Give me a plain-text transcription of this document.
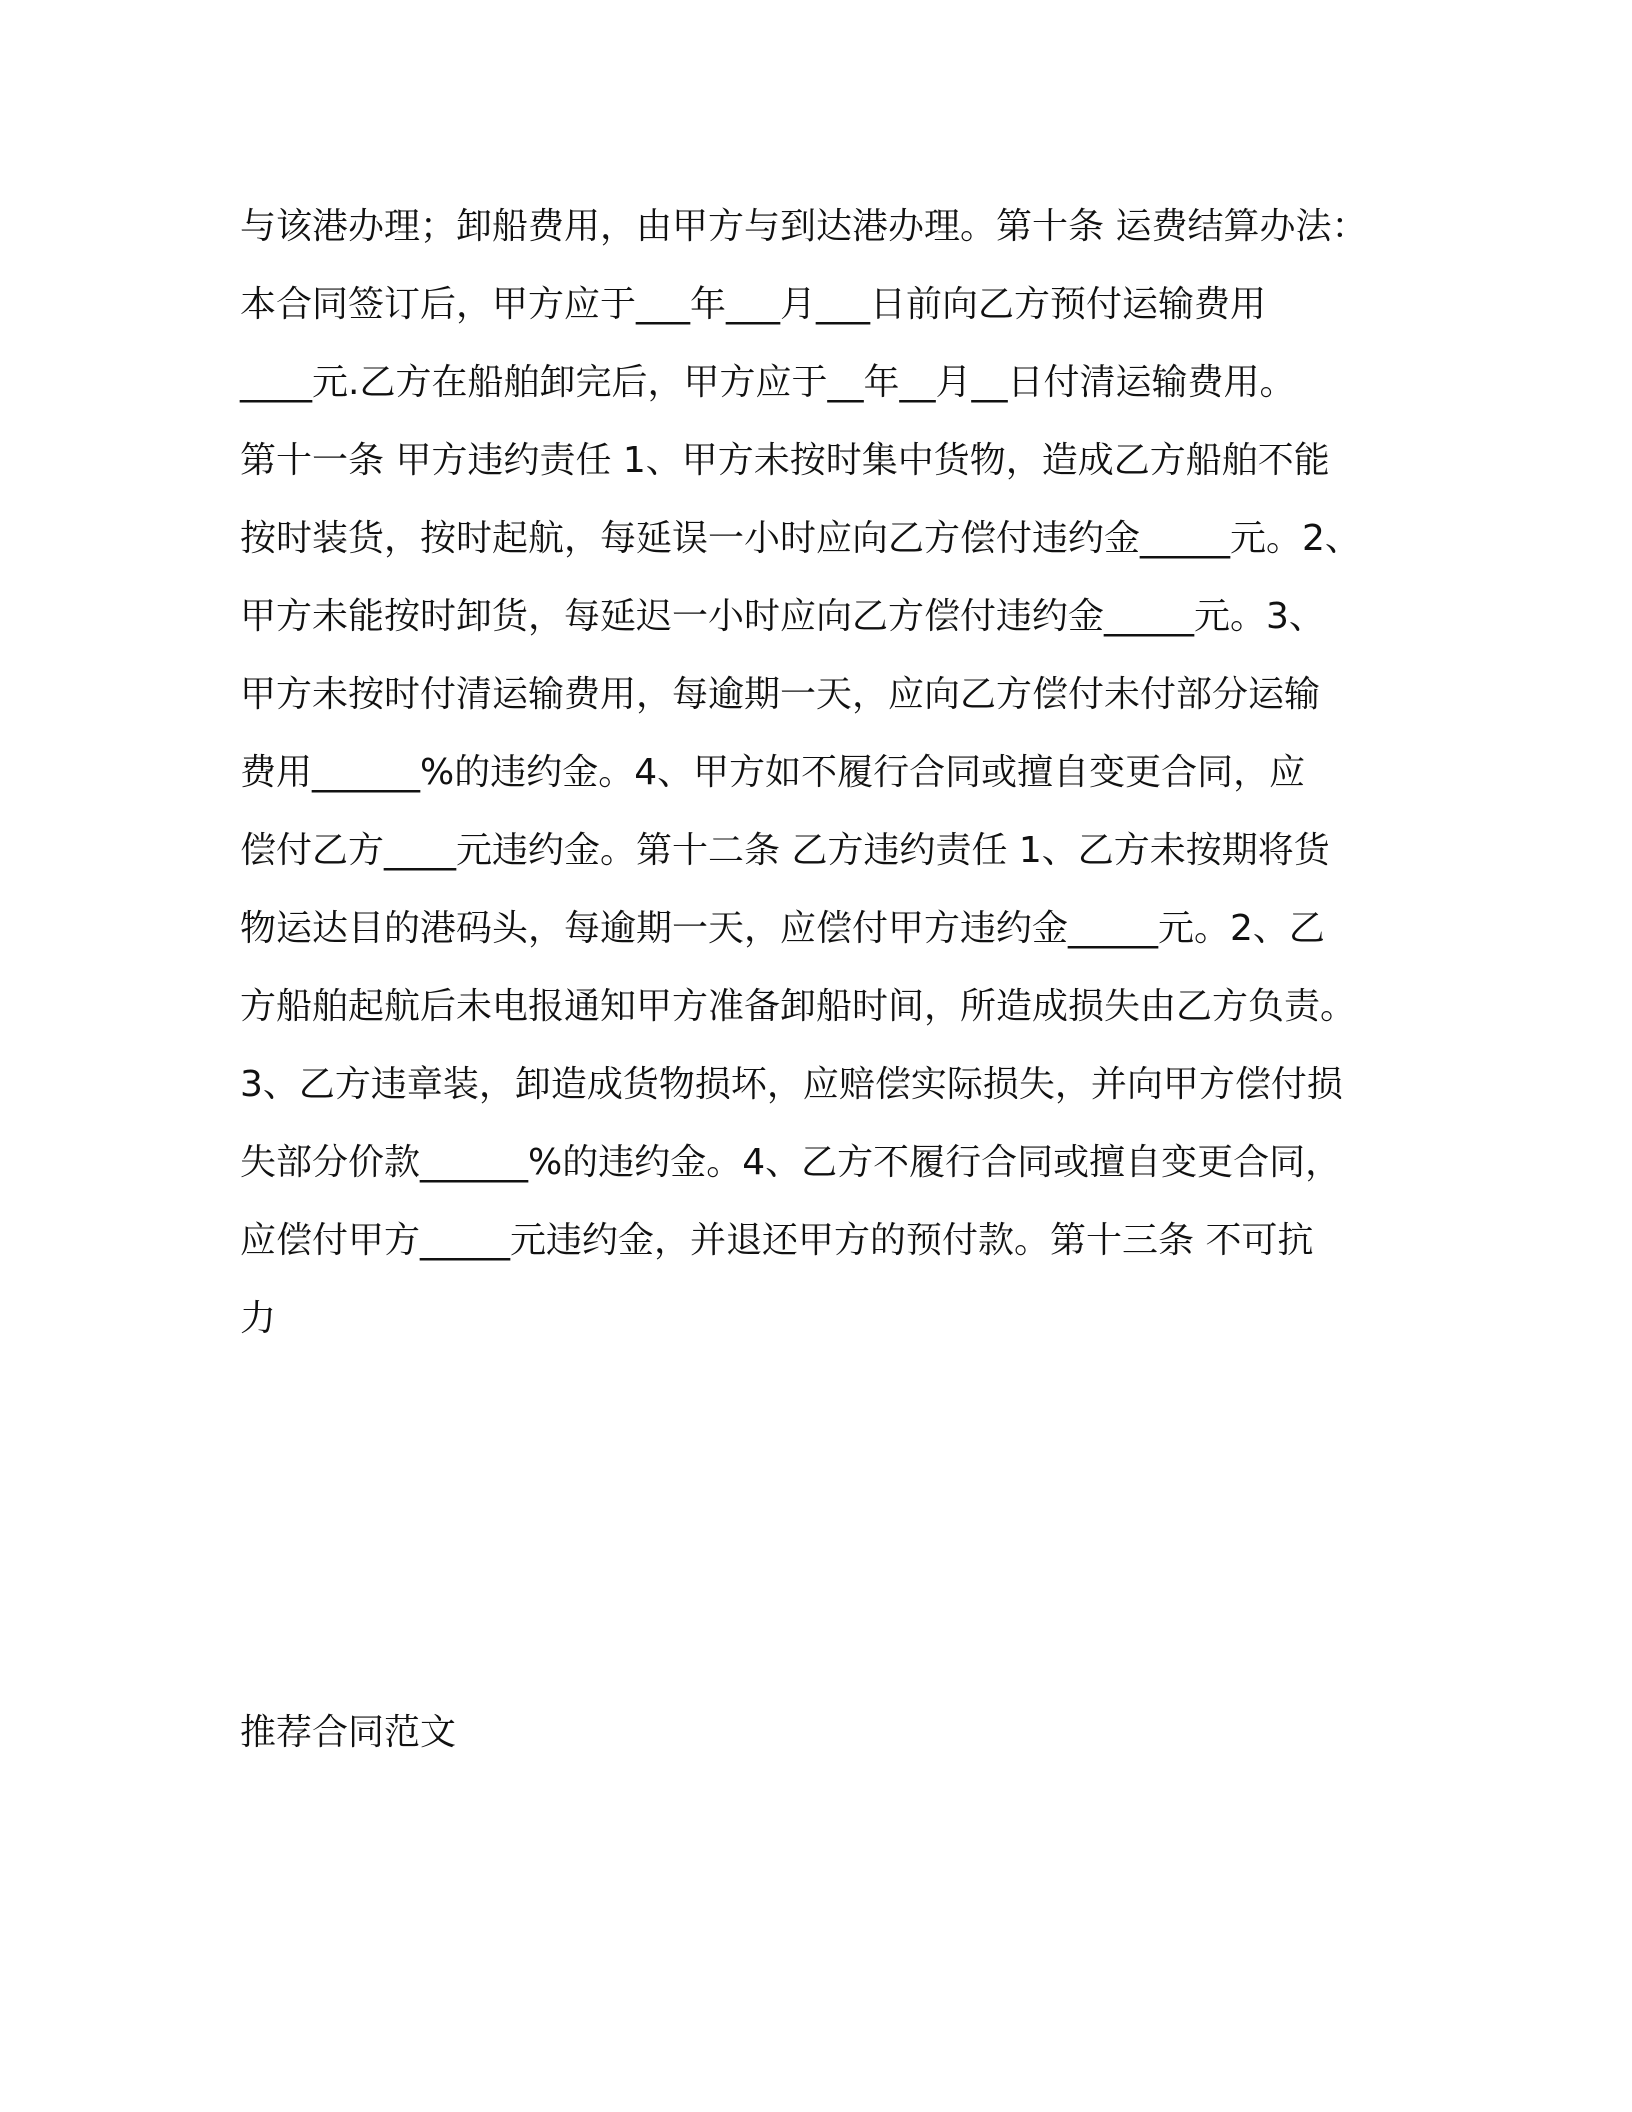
与该港办理；卸船费用，由甲方与到达港办理。第十条 运费结算办法：
本合同签订后，甲方应于___年___月___日前向乙方预付运输费用
____元.乙方在船舶卸完后，甲方应于__年__月__日付清运输费用。
第十一条 甲方违约责任 1、甲方未按时集中货物，造成乙方船舶不能
按时装货，按时起航，每延误一小时应向乙方偿付违约金_____元。2、
甲方未能按时卸货，每延迟一小时应向乙方偿付违约金_____元。3、
甲方未按时付清运输费用，每逾期一天，应向乙方偿付未付部分运输
费用______%的违约金。4、甲方如不履行合同或擅自变更合同，应
偿付乙方____元违约金。第十二条 乙方违约责任 1、乙方未按期将货
物运达目的港码头，每逾期一天，应偿付甲方违约金_____元。2、乙
方船舶起航后未电报通知甲方准备卸船时间，所造成损失由乙方负责。
3、乙方违章装，卸造成货物损坏，应赔偿实际损失，并向甲方偿付损
失部分价款______%的违约金。4、乙方不履行合同或擅自变更合同，
应偿付甲方_____元违约金，并退还甲方的预付款。第十三条 不可抗
力
推荐合同范文
